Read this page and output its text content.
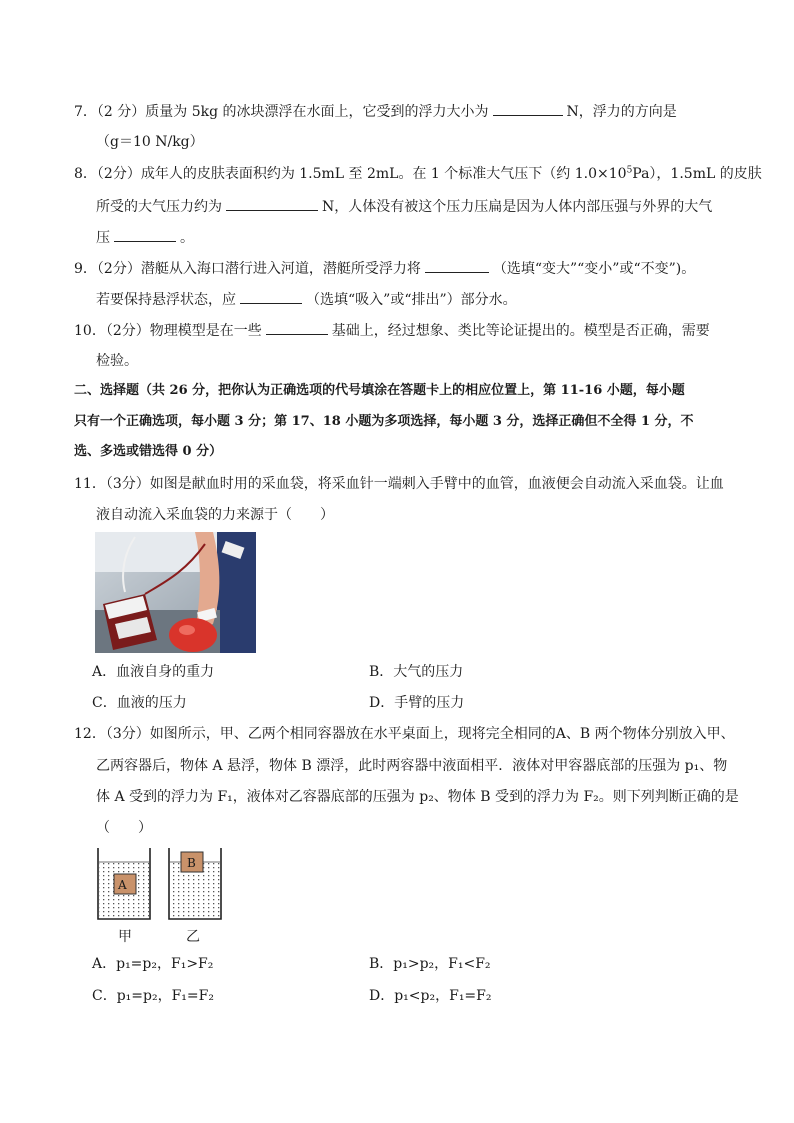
7．（2 分）质量为 5kg 的冰块漂浮在水面上，它受到的浮力大小为	N，浮力的方向是
（g＝10 N/kg）
8．（2分）成年人的皮肤表面积约为 1.5mL 至 2mL。在 1 个标准大气压下（约 $1.0\times 10^5Pa$），1.5mL 的皮肤
所受的大气压力约为	N，人体没有被这个压力压扁是因为人体内部压强与外界的大气
压	。
9．（2分）潜艇从入海口潜行进入河道，潜艇所受浮力将	（选填“变大”“变小”或“不变”)。
若要保持悬浮状态，应	（选填“吸入”或“排出”）部分水。
10．（2分）物理模型是在一些	基础上，经过想象、类比等论证提出的。模型是否正确，需要
检验。
二、选择题（共 26 分，把你认为正确选项的代号填涂在答题卡上的相应位置上，第 11-16 小题，每小题
只有一个正确选项，每小题 3 分；第 17、18 小题为多项选择，每小题 3 分，选择正确但不全得 1 分，不
选、多选或错选得 0 分）
11．（3分）如图是献血时用的采血袋，将采血针一端刺入手臂中的血管，血液便会自动流入采血袋。让血
液自动流入采血袋的力来源于（　　）
A．血液自身的重力	B．大气的压力
C．血液的压力	D．手臂的压力
12．（3分）如图所示，甲、乙两个相同容器放在水平桌面上，现将完全相同的A、B 两个物体分别放入甲、
乙两容器后，物体 A 悬浮，物体 B 漂浮，此时两容器中液面相平．液体对甲容器底部的压强为 p₁、物
体 A 受到的浮力为 F₁，液体对乙容器底部的压强为 p₂、物体 B 受到的浮力为 F₂。则下列判断正确的是
（　　）
A
B
甲	乙
A．p₁=p₂，F₁>F₂	B．p₁>p₂，F₁<F₂
C．p₁=p₂，F₁=F₂	D．p₁<p₂，F₁=F₂
